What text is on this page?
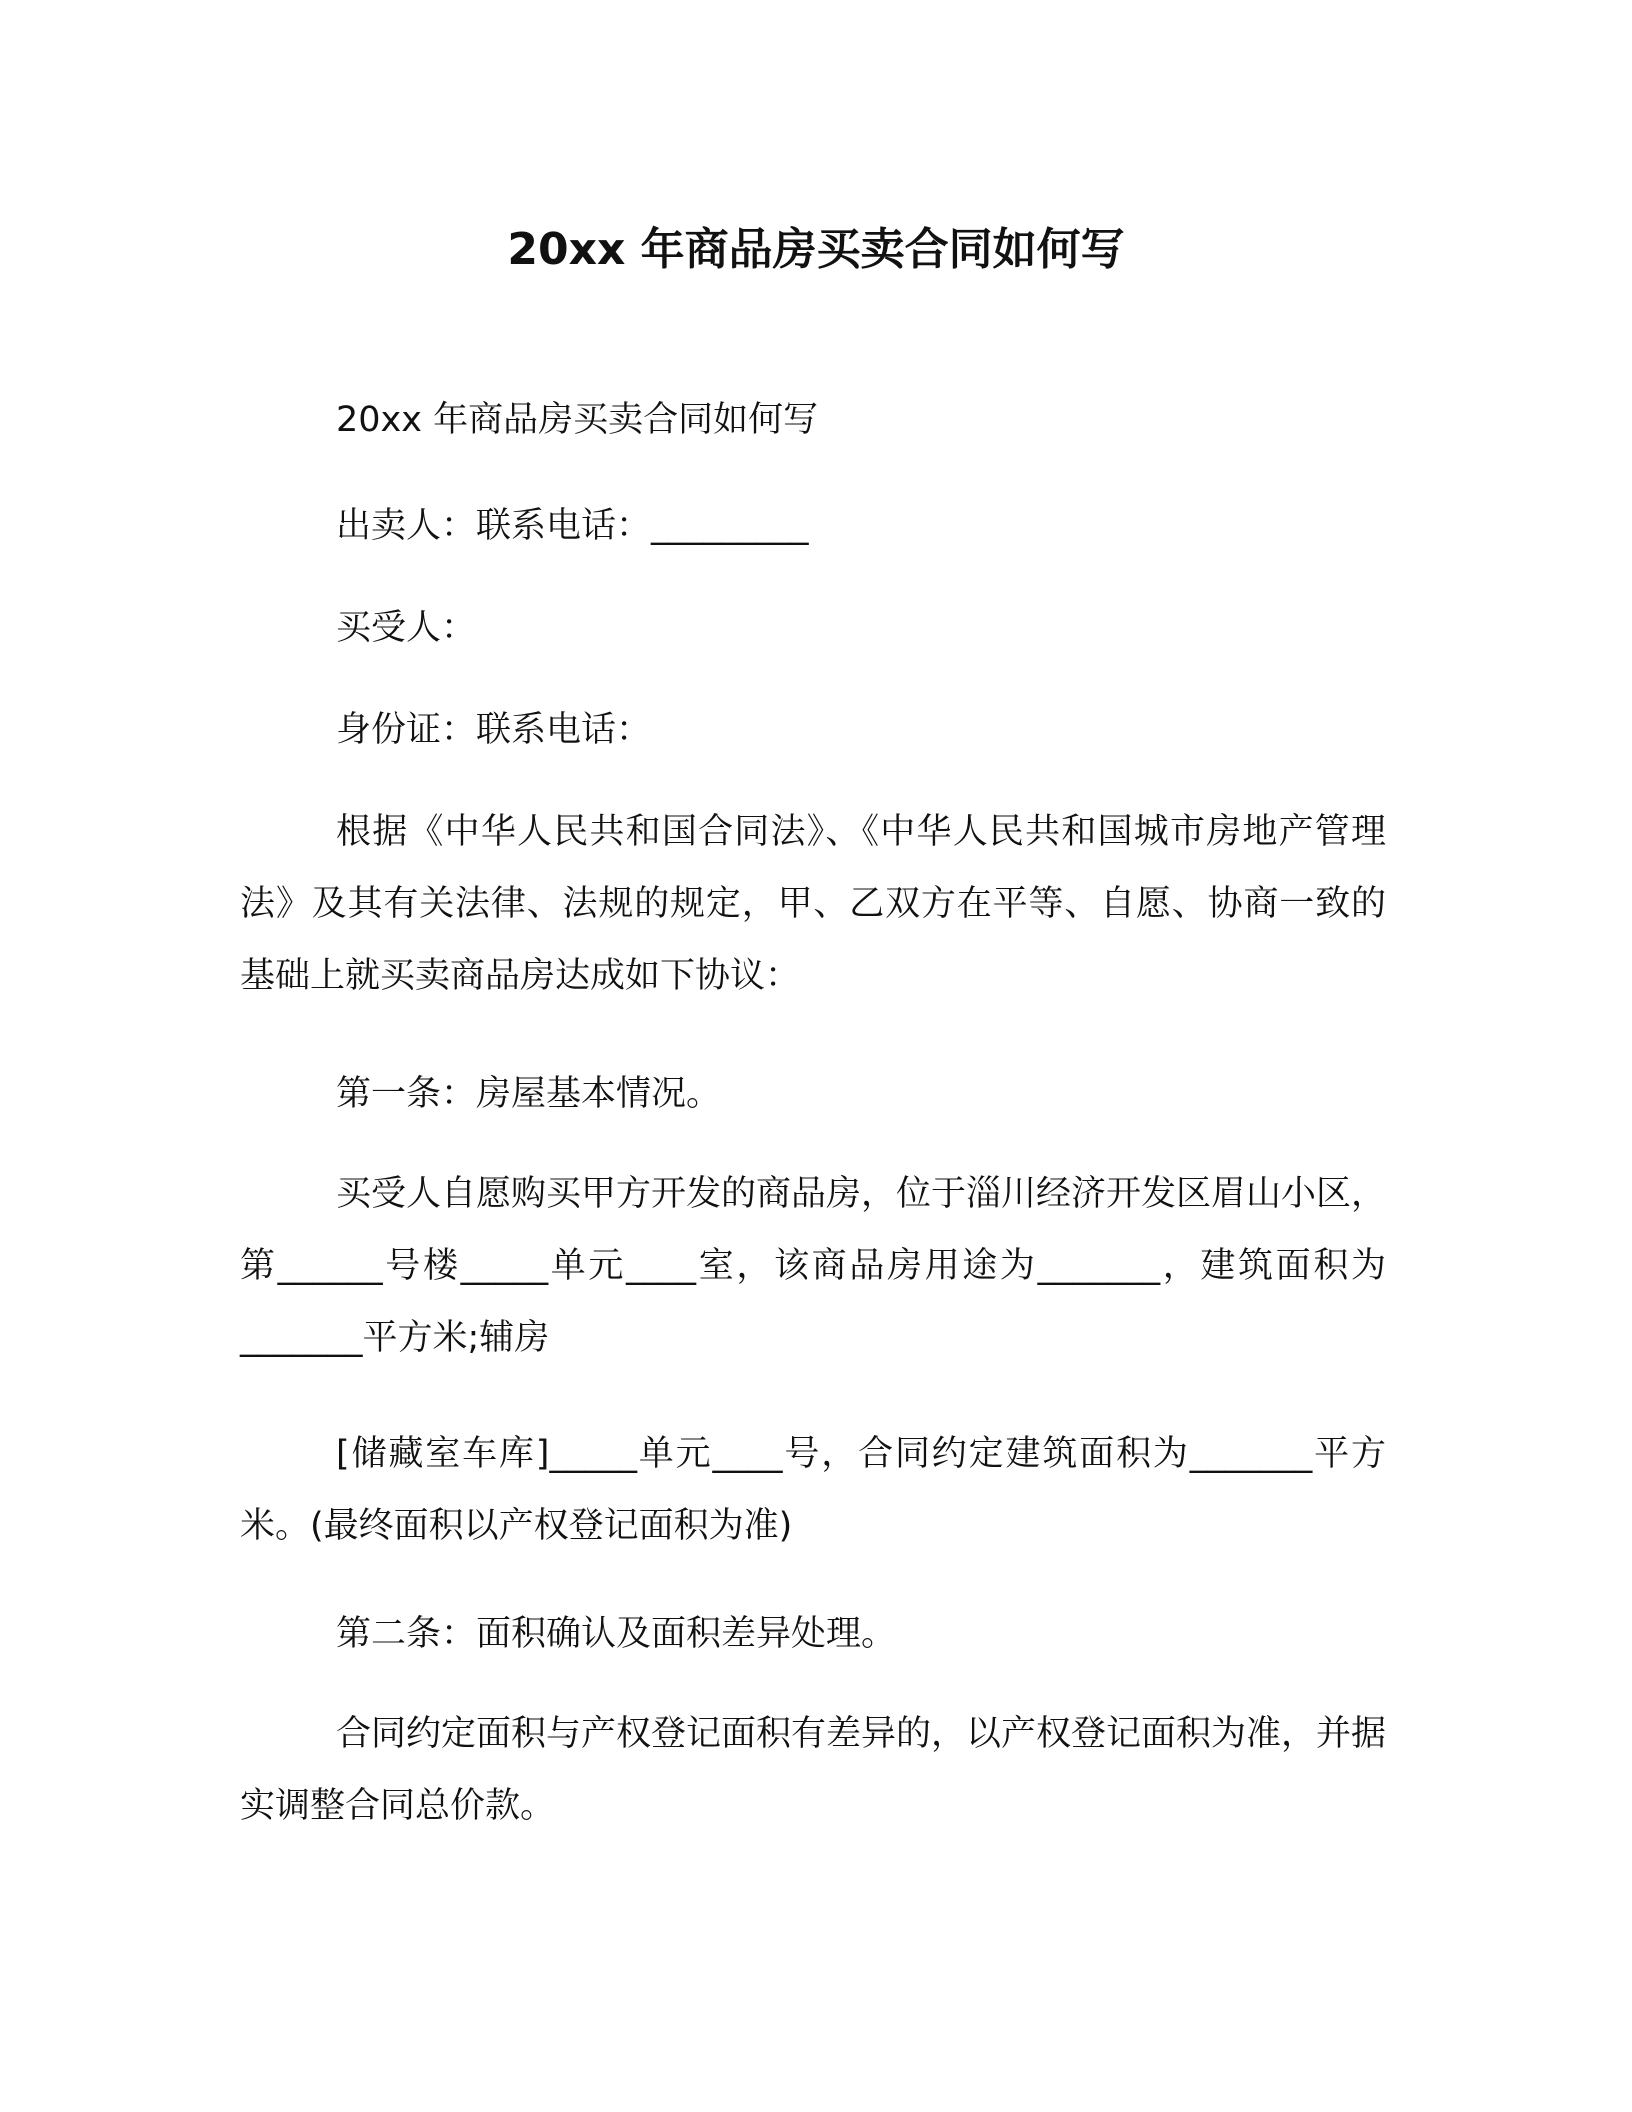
20xx 年商品房买卖合同如何写

20xx 年商品房买卖合同如何写

出卖人：联系电话：_________

买受人：

身份证：联系电话：

根据《中华人民共和国合同法》、《中华人民共和国城市房地产管理法》及其有关法律、法规的规定，甲、乙双方在平等、自愿、协商一致的基础上就买卖商品房达成如下协议：

第一条：房屋基本情况。

买受人自愿购买甲方开发的商品房，位于淄川经济开发区眉山小区，第______号楼_____单元____室，该商品房用途为_______，建筑面积为_______平方米;辅房

[储藏室车库]_____单元____号，合同约定建筑面积为_______平方米。(最终面积以产权登记面积为准)

第二条：面积确认及面积差异处理。

合同约定面积与产权登记面积有差异的，以产权登记面积为准，并据实调整合同总价款。
